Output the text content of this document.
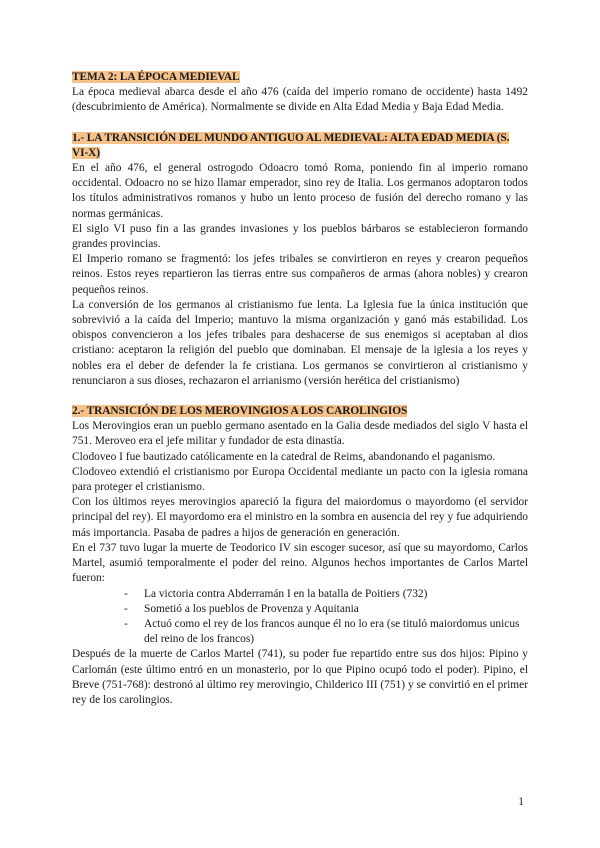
TEMA 2: LA ÉPOCA MEDIEVAL

La época medieval abarca desde el año 476 (caída del imperio romano de occidente) hasta 1492 (descubrimiento de América). Normalmente se divide en Alta Edad Media y Baja Edad Media.

1.- LA TRANSICIÓN DEL MUNDO ANTIGUO AL MEDIEVAL: ALTA EDAD MEDIA (S. VI-X)

En el año 476, el general ostrogodo Odoacro tomó Roma, poniendo fin al imperio romano occidental. Odoacro no se hizo llamar emperador, sino rey de Italia. Los germanos adoptaron todos los títulos administrativos romanos y hubo un lento proceso de fusión del derecho romano y las normas germánicas.

El siglo VI puso fin a las grandes invasiones y los pueblos bárbaros se establecieron formando grandes provincias.

El Imperio romano se fragmentó: los jefes tribales se convirtieron en reyes y crearon pequeños reinos. Estos reyes repartieron las tierras entre sus compañeros de armas (ahora nobles) y crearon pequeños reinos.

La conversión de los germanos al cristianismo fue lenta. La Iglesia fue la única institución que sobrevivió a la caída del Imperio; mantuvo la misma organización y ganó más estabilidad. Los obispos convencieron a los jefes tribales para deshacerse de sus enemigos si aceptaban al dios cristiano: aceptaron la religión del pueblo que dominaban. El mensaje de la iglesia a los reyes y nobles era el deber de defender la fe cristiana. Los germanos se convirtieron al cristianismo y renunciaron a sus dioses, rechazaron el arrianismo (versión herética del cristianismo)

2.- TRANSICIÓN DE LOS MEROVINGIOS A LOS CAROLINGIOS

Los Merovingios eran un pueblo germano asentado en la Galia desde mediados del siglo V hasta el 751. Meroveo era el jefe militar y fundador de esta dinastía.

Clodoveo I fue bautizado católicamente en la catedral de Reims, abandonando el paganismo.

Clodoveo extendió el cristianismo por Europa Occidental mediante un pacto con la iglesia romana para proteger el cristianismo.

Con los últimos reyes merovingios apareció la figura del maiordomus o mayordomo (el servidor principal del rey). El mayordomo era el ministro en la sombra en ausencia del rey y fue adquiriendo más importancia. Pasaba de padres a hijos de generación en generación.

En el 737 tuvo lugar la muerte de Teodorico IV sin escoger sucesor, así que su mayordomo, Carlos Martel, asumió temporalmente el poder del reino. Algunos hechos importantes de Carlos Martel fueron:

- La victoria contra Abderramán I en la batalla de Poitiers (732)
- Sometió a los pueblos de Provenza y Aquitania
- Actuó como el rey de los francos aunque él no lo era (se tituló maiordomus unicus del reino de los francos)

Después de la muerte de Carlos Martel (741), su poder fue repartido entre sus dos hijos: Pipino y Carlomán (este último entró en un monasterio, por lo que Pipino ocupó todo el poder). Pipino, el Breve (751-768): destronó al último rey merovingio, Childerico III (751) y se convirtió en el primer rey de los carolingios.

1
